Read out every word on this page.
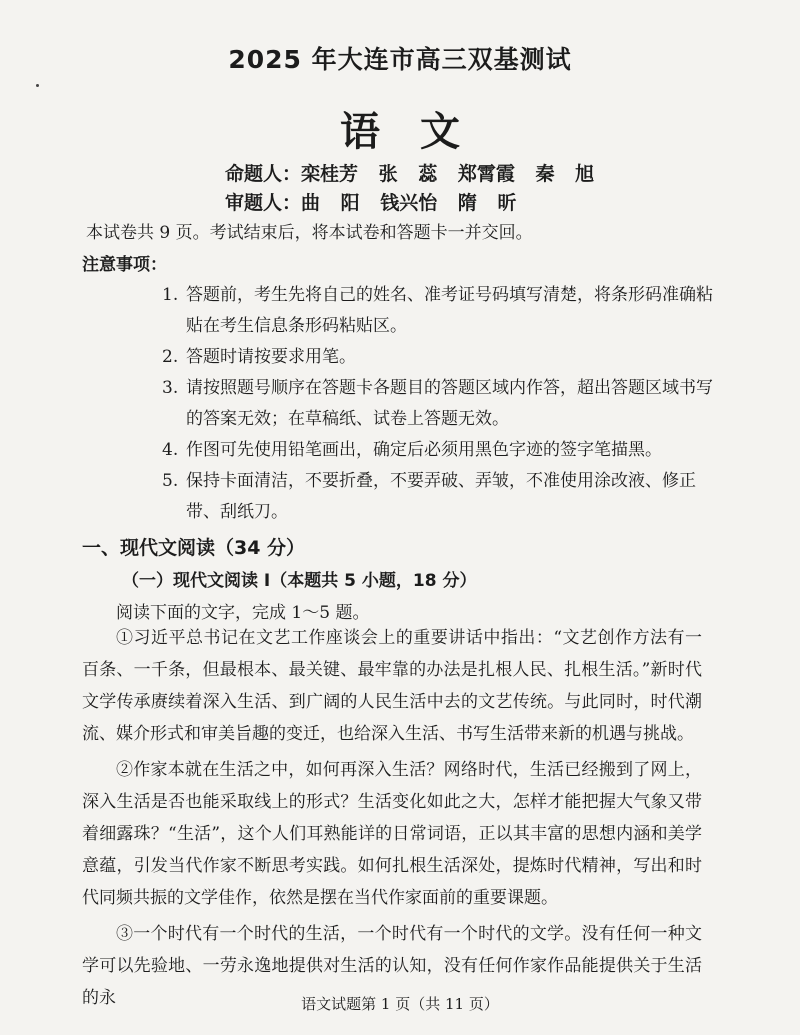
2025 年大连市高三双基测试
语文
命题人：栾桂芳 张 蕊 郑霄霞 秦 旭
审题人：曲 阳 钱兴怡 隋 昕
本试卷共 9 页。考试结束后，将本试卷和答题卡一并交回。
注意事项：
1. 答题前，考生先将自己的姓名、准考证号码填写清楚，将条形码准确粘贴在考生信息条形码粘贴区。
2. 答题时请按要求用笔。
3. 请按照题号顺序在答题卡各题目的答题区域内作答，超出答题区域书写的答案无效；在草稿纸、试卷上答题无效。
4. 作图可先使用铅笔画出，确定后必须用黑色字迹的签字笔描黑。
5. 保持卡面清洁，不要折叠，不要弄破、弄皱，不准使用涂改液、修正带、刮纸刀。
一、现代文阅读（34 分）
（一）现代文阅读 I（本题共 5 小题，18 分）
阅读下面的文字，完成 1～5 题。

①习近平总书记在文艺工作座谈会上的重要讲话中指出：“文艺创作方法有一百条、一千条，但最根本、最关键、最牢靠的办法是扎根人民、扎根生活。”新时代文学传承赓续着深入生活、到广阔的人民生活中去的文艺传统。与此同时，时代潮流、媒介形式和审美旨趣的变迁，也给深入生活、书写生活带来新的机遇与挑战。

②作家本就在生活之中，如何再深入生活？网络时代，生活已经搬到了网上，深入生活是否也能采取线上的形式？生活变化如此之大，怎样才能把握大气象又带着细露珠？“生活”，这个人们耳熟能详的日常词语，正以其丰富的思想内涵和美学意蕴，引发当代作家不断思考实践。如何扎根生活深处，提炼时代精神，写出和时代同频共振的文学佳作，依然是摆在当代作家面前的重要课题。

③一个时代有一个时代的生活，一个时代有一个时代的文学。没有任何一种文学可以先验地、一劳永逸地提供对生活的认知，没有任何作家作品能提供关于生活的永	语文试题第 1 页（共 11 页）
